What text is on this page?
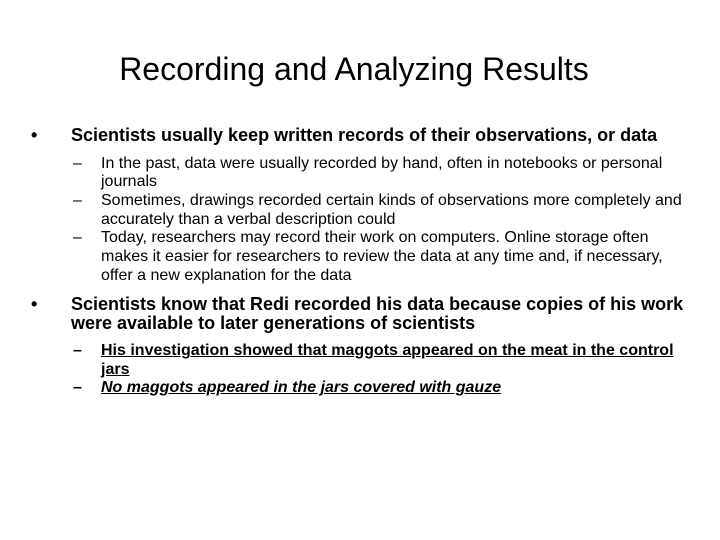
Recording and Analyzing Results
• Scientists usually keep written records of their observations, or data
– In the past, data were usually recorded by hand, often in notebooks or personal journals
– Sometimes, drawings recorded certain kinds of observations more completely and accurately than a verbal description could
– Today, researchers may record their work on computers. Online storage often makes it easier for researchers to review the data at any time and, if necessary, offer a new explanation for the data
• Scientists know that Redi recorded his data because copies of his work were available to later generations of scientists
– His investigation showed that maggots appeared on the meat in the control jars
– No maggots appeared in the jars covered with gauze
